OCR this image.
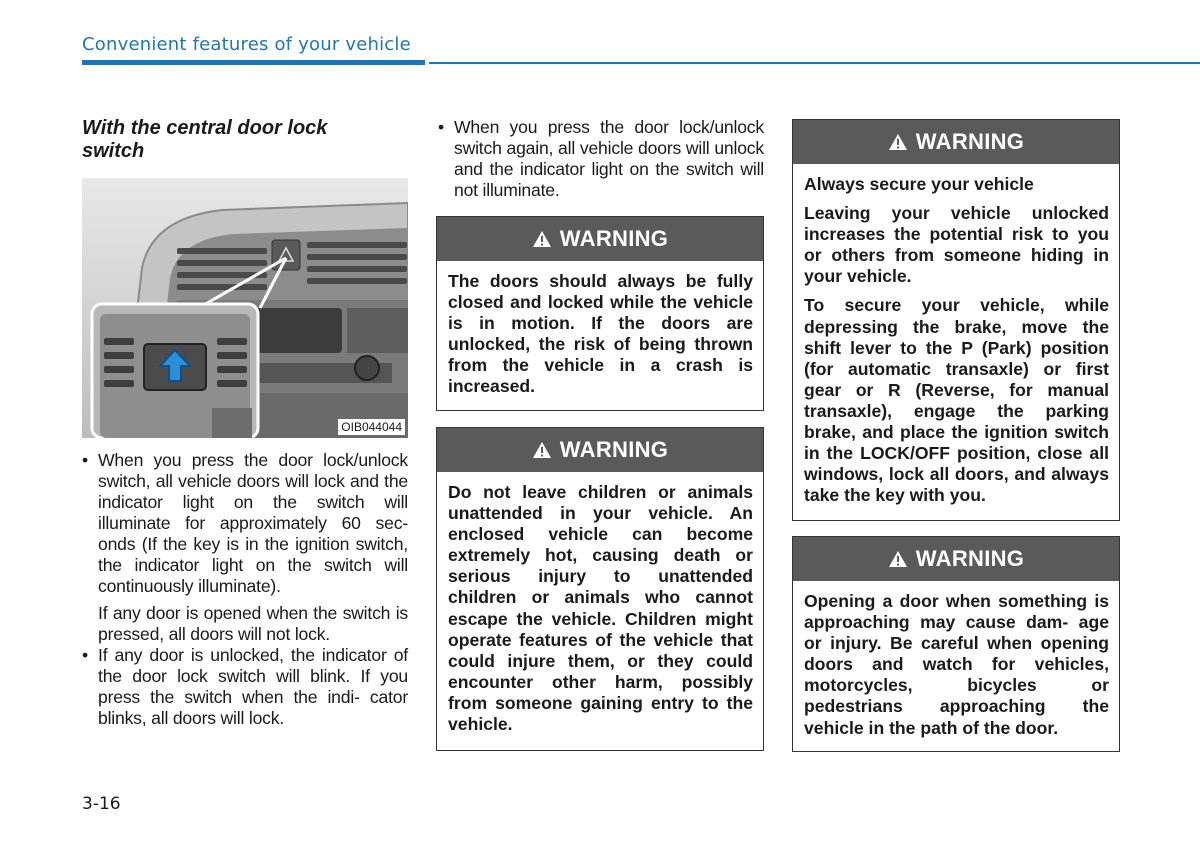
Convenient features of your vehicle
With the central door lock switch
OIB044044
• When you press the door lock/unlock switch, all vehicle doors will lock and the indicator light on the switch will illuminate for approximately 60 sec- onds (If the key is in the ignition switch, the indicator light on the switch will continuously illuminate).
If any door is opened when the switch is pressed, all doors will not lock.
• If any door is unlocked, the indicator of the door lock switch will blink. If you press the switch when the indi- cator blinks, all doors will lock.
• When you press the door lock/unlock switch again, all vehicle doors will unlock and the indicator light on the switch will not illuminate.
WARNING

The doors should always be fully closed and locked while the vehicle is in motion. If the doors are unlocked, the risk of being thrown from the vehicle in a crash is increased.

WARNING

Do not leave children or animals unattended in your vehicle. An enclosed vehicle can become extremely hot, causing death or serious injury to unattended children or animals who cannot escape the vehicle. Children might operate features of the vehicle that could injure them, or they could encounter other harm, possibly from someone gaining entry to the vehicle.

WARNING

Always secure your vehicle

Leaving your vehicle unlocked increases the potential risk to you or others from someone hiding in your vehicle.

To secure your vehicle, while depressing the brake, move the shift lever to the P (Park) position (for automatic transaxle) or first gear or R (Reverse, for manual transaxle), engage the parking brake, and place the ignition switch in the LOCK/OFF position, close all windows, lock all doors, and always take the key with you.

WARNING

Opening a door when something is approaching may cause dam- age or injury. Be careful when opening doors and watch for vehicles, motorcycles, bicycles or pedestrians approaching the vehicle in the path of the door.

3-16
